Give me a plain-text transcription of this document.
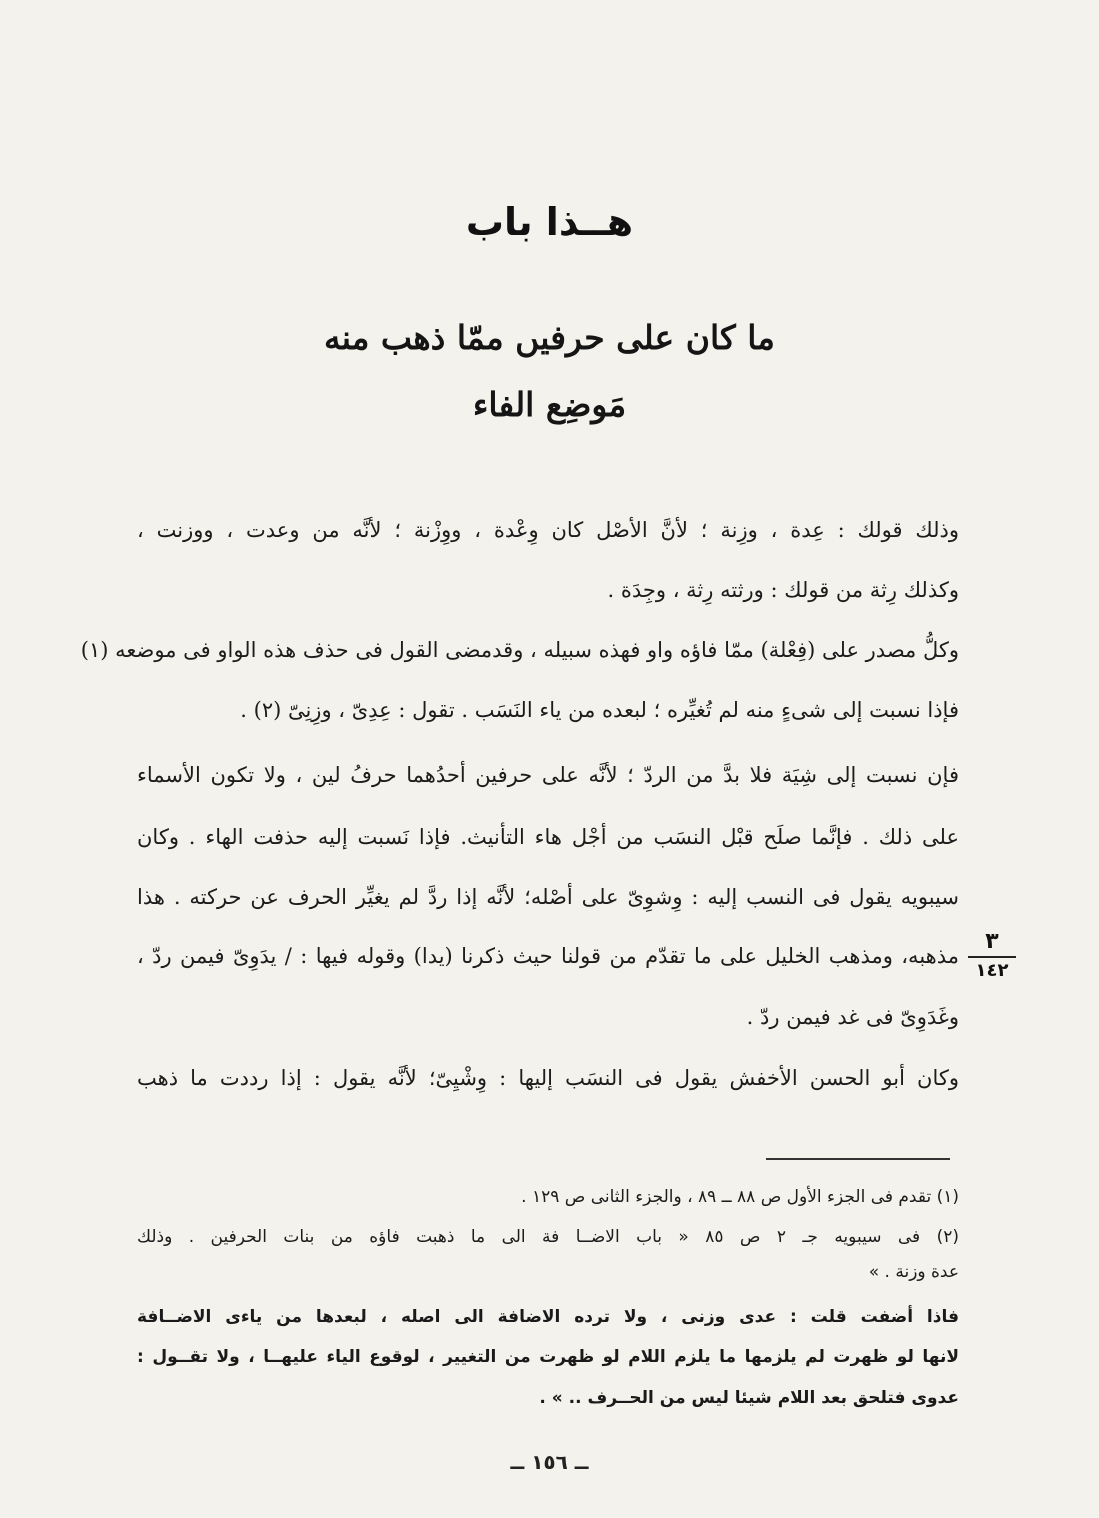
هــذا باب
ما كان على حرفيں ممّا ذهب منه
مَوضِع الفاء
وذلك قولك : عِدة ، وزِنة ؛ لأنَّ الأصْل كان وِعْدة ، ووِزْنة ؛ لأنَّه من وعدت ، ووزنت ،
وكذلك رِثة من قولك : ورثته رِثة ، وجِدَة .
وكلُّ مصدر على (فِعْلة) ممّا فاؤه واو فهذه سبيله ، وقدمضى القول فى حذف هذه الواو فى موضعه (١)
فإذا نسبت إلى شىءٍ منه لم تُغيِّره ؛ لبعده من ياء النَسَب . تقول : عِدِىّ ، وزِنِىّ (٢) .
فإن نسبت إلى شِيَة فلا بدَّ من الردّ ؛ لأنَّه على حرفين أحدُهما حرفُ لين ، ولا تكون الأسماء
على ذلك . فإنَّما صلَح قبْل النسَب من أجْل هاء التأنيث. فإذا نَسبت إليه حذفت الهاء . وكان
سيبويه يقول فى النسب إليه : وِشوِىّ على أصْله؛ لأنَّه إذا ردَّ لم يغيِّر الحرف عن حركته . هذا
مذهبه، ومذهب الخليل على ما تقدّم من قولنا حيث ذكرنا (يدا) وقوله فيها : / يدَوِىّ فيمن ردّ ،
وغَدَوِىّ فى غد فيمن ردّ .
وكان أبو الحسن الأخفش يقول فى النسَب إليها : وِشْيِىّ؛ لأنَّه يقول : إذا رددت ما ذهب
٣
١٤٢
(١) تقدم فى الجزء الأول ص ٨٨ ــ ٨٩ ، والجزء الثانى ص ١٢٩ .
(٢) فى سيبويه جـ ٢ ص ٨٥ « باب الاضــا فة الى ما ذهبت فاؤه من بنات الحرفين . وذلك
عدة وزنة . »
فاذا أضفت قلت : عدى وزنى ، ولا ترده الاضافة الى اصله ، لبعدها من ياءى الاضــافة
لانها لو ظهرت لم يلزمها ما يلزم اللام لو ظهرت من التغيير ، لوقوع الياء عليهــا ، ولا تقــول :
عدوى فتلحق بعد اللام شيئا ليس من الحــرف .. » .
ــ ١٥٦ ــ
